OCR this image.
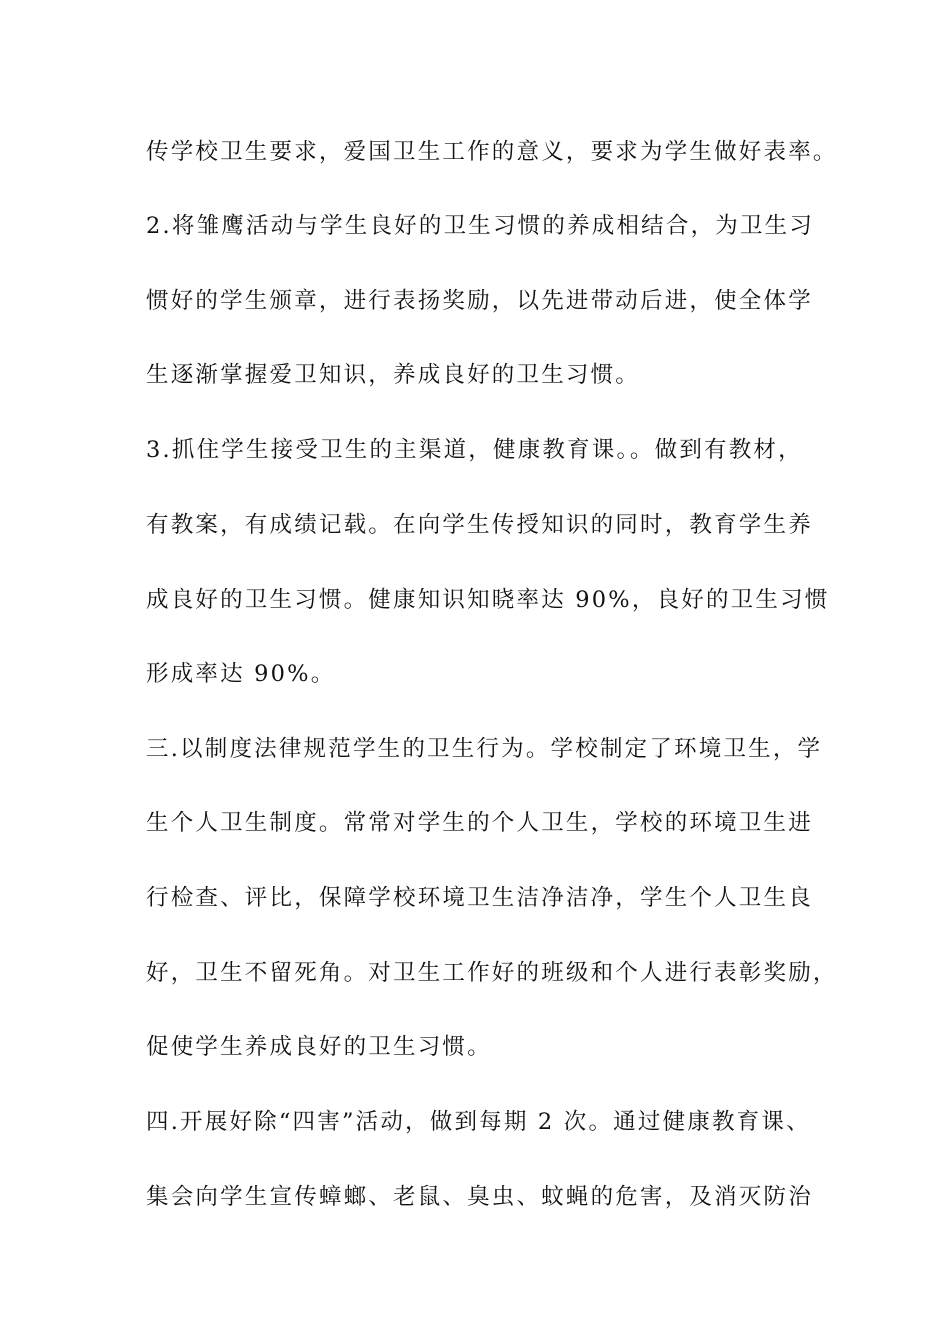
传学校卫生要求，爱国卫生工作的意义，要求为学生做好表率。
2.将雏鹰活动与学生良好的卫生习惯的养成相结合，为卫生习
惯好的学生颁章，进行表扬奖励，以先进带动后进，使全体学
生逐渐掌握爱卫知识，养成良好的卫生习惯。
3.抓住学生接受卫生的主渠道，健康教育课。。做到有教材，
有教案，有成绩记载。在向学生传授知识的同时，教育学生养
成良好的卫生习惯。健康知识知晓率达 90%，良好的卫生习惯
形成率达 90%。
三.以制度法律规范学生的卫生行为。学校制定了环境卫生，学
生个人卫生制度。常常对学生的个人卫生，学校的环境卫生进
行检查、评比，保障学校环境卫生洁净洁净，学生个人卫生良
好，卫生不留死角。对卫生工作好的班级和个人进行表彰奖励，
促使学生养成良好的卫生习惯。
四.开展好除“四害”活动，做到每期 2 次。通过健康教育课、
集会向学生宣传蟑螂、老鼠、臭虫、蚊蝇的危害，及消灭防治
